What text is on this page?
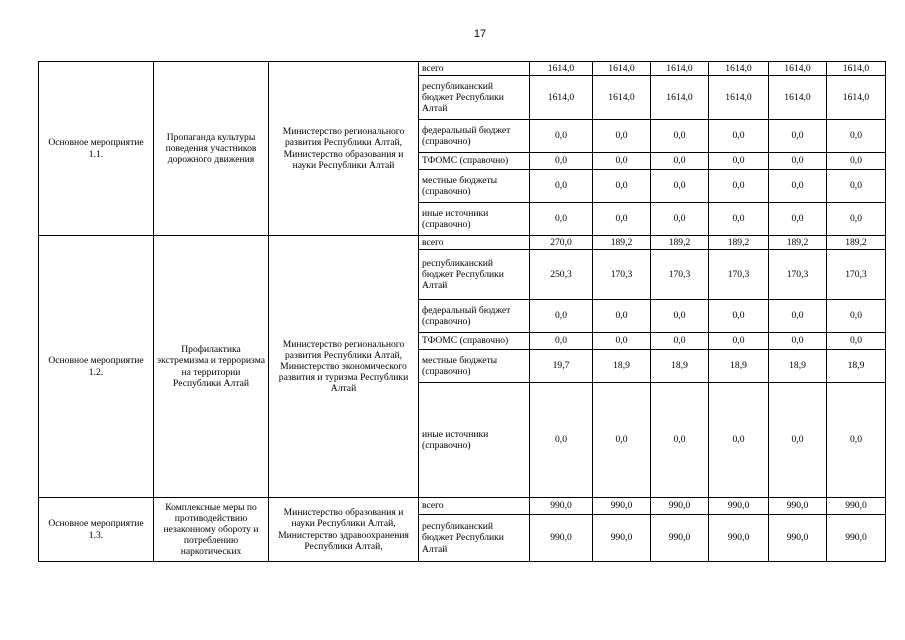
17
Основное мероприятие 1.1.	Пропаганда культуры поведения участников дорожного движения	Министерство регионального развития Республики Алтай, Министерство образования и науки Республики Алтай	всего	1614,0	1614,0	1614,0	1614,0	1614,0	1614,0
			республиканский бюджет Республики Алтай	1614,0	1614,0	1614,0	1614,0	1614,0	1614,0
			федеральный бюджет (справочно)	0,0	0,0	0,0	0,0	0,0	0,0
			ТФОМС (справочно)	0,0	0,0	0,0	0,0	0,0	0,0
			местные бюджеты (справочно)	0,0	0,0	0,0	0,0	0,0	0,0
			иные источники (справочно)	0,0	0,0	0,0	0,0	0,0	0,0
Основное мероприятие 1.2.	Профилактика экстремизма и терроризма на территории Республики Алтай	Министерство регионального развития Республики Алтай, Министерство экономического развития и туризма Республики Алтай	всего	270,0	189,2	189,2	189,2	189,2	189,2
			республиканский бюджет Республики Алтай	250,3	170,3	170,3	170,3	170,3	170,3
			федеральный бюджет (справочно)	0,0	0,0	0,0	0,0	0,0	0,0
			ТФОМС (справочно)	0,0	0,0	0,0	0,0	0,0	0,0
			местные бюджеты (справочно)	19,7	18,9	18,9	18,9	18,9	18,9
			иные источники (справочно)	0,0	0,0	0,0	0,0	0,0	0,0
Основное мероприятие 1.3.	Комплексные меры по противодействию незаконному обороту и потреблению наркотических	Министерство образования и науки Республики Алтай, Министерство здравоохранения Республики Алтай,	всего	990,0	990,0	990,0	990,0	990,0	990,0
			республиканский бюджет Республики Алтай	990,0	990,0	990,0	990,0	990,0	990,0
